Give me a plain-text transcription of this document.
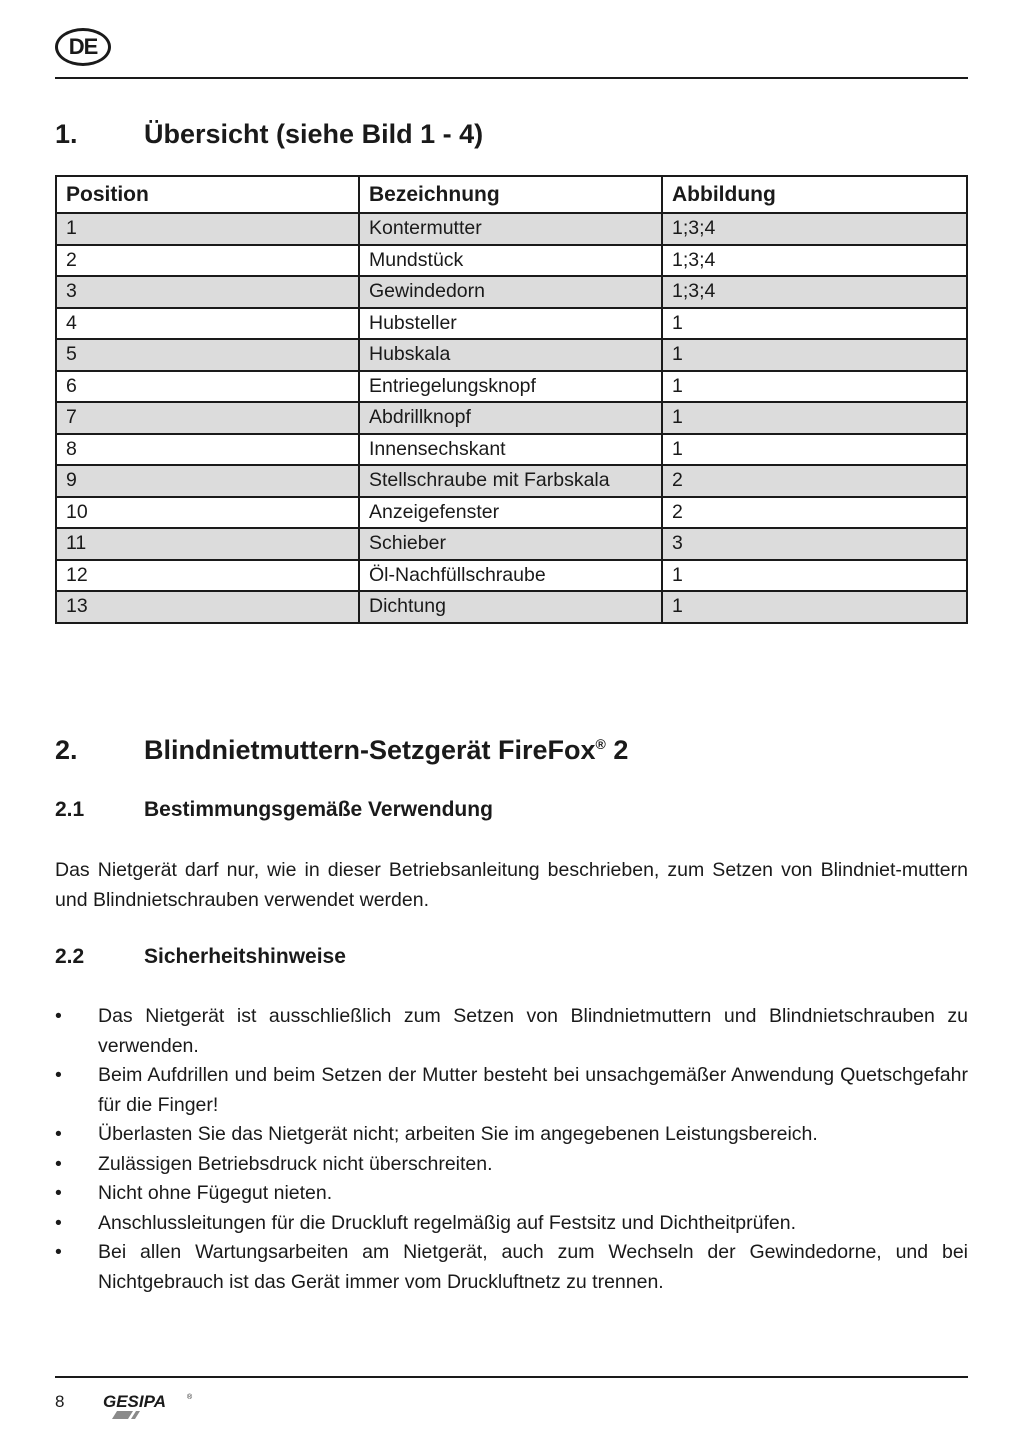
DE
1. Übersicht (siehe Bild 1 - 4)
Position	Bezeichnung	Abbildung
1	Kontermutter	1;3;4
2	Mundstück	1;3;4
3	Gewindedorn	1;3;4
4	Hubsteller	1
5	Hubskala	1
6	Entriegelungsknopf	1
7	Abdrillknopf	1
8	Innensechskant	1
9	Stellschraube mit Farbskala	2
10	Anzeigefenster	2
11	Schieber	3
12	Öl-Nachfüllschraube	1
13	Dichtung	1
2. Blindnietmuttern-Setzgerät FireFox® 2
2.1	Bestimmungsgemäße Verwendung

Das Nietgerät darf nur, wie in dieser Betriebsanleitung beschrieben, zum Setzen von Blindniet-muttern und Blindnietschrauben verwendet werden.

2.2	Sicherheitshinweise
• Das Nietgerät ist ausschließlich zum Setzen von Blindnietmuttern und Blindnietschrauben zu verwenden.
• Beim Aufdrillen und beim Setzen der Mutter besteht bei unsachgemäßer Anwendung Quetschgefahr für die Finger!
• Überlasten Sie das Nietgerät nicht; arbeiten Sie im angegebenen Leistungsbereich.
• Zulässigen Betriebsdruck nicht überschreiten.
• Nicht ohne Fügegut nieten.
• Anschlussleitungen für die Druckluft regelmäßig auf Festsitz und Dichtheitprüfen.
• Bei allen Wartungsarbeiten am Nietgerät, auch zum Wechseln der Gewindedorne, und bei Nichtgebrauch ist das Gerät immer vom Druckluftnetz zu trennen.
8 GESIPA	®
